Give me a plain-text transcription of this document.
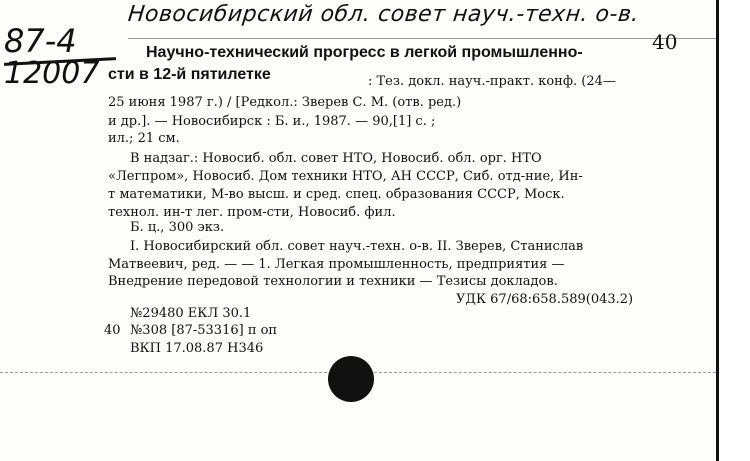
Новосибирский обл. совет науч.-техн. о-в.
87-4
12007
40
Научно-технический прогресс в легкой промышленно-
сти в 12-й пятилетке	: Тез. докл. науч.-практ. конф. (24—
25 июня 1987 г.) / [Редкол.: Зверев С. М. (отв. ред.)
и др.]. — Новосибирск : Б. и., 1987. — 90,[1] с. ;
ил.; 21 см.
В надзаг.: Новосиб. обл. совет НТО, Новосиб. обл. орг. НТО
«Легпром», Новосиб. Дом техники НТО, АН СССР, Сиб. отд-ние, Ин-
т математики, М-во высш. и сред. спец. образования СССР, Моск.
технол. ин-т лег. пром-сти, Новосиб. фил.
Б. ц., 300 экз.
I. Новосибирский обл. совет науч.-техн. о-в. II. Зверев, Станислав
Матвеевич, ред. — — 1. Легкая промышленность, предприятия —
Внедрение передовой технологии и техники — Тезисы докладов.
УДК 67/68:658.589(043.2)
№29480 ЕКЛ 30.1
40 №308 [87-53316] п оп
ВКП 17.08.87 Н346
